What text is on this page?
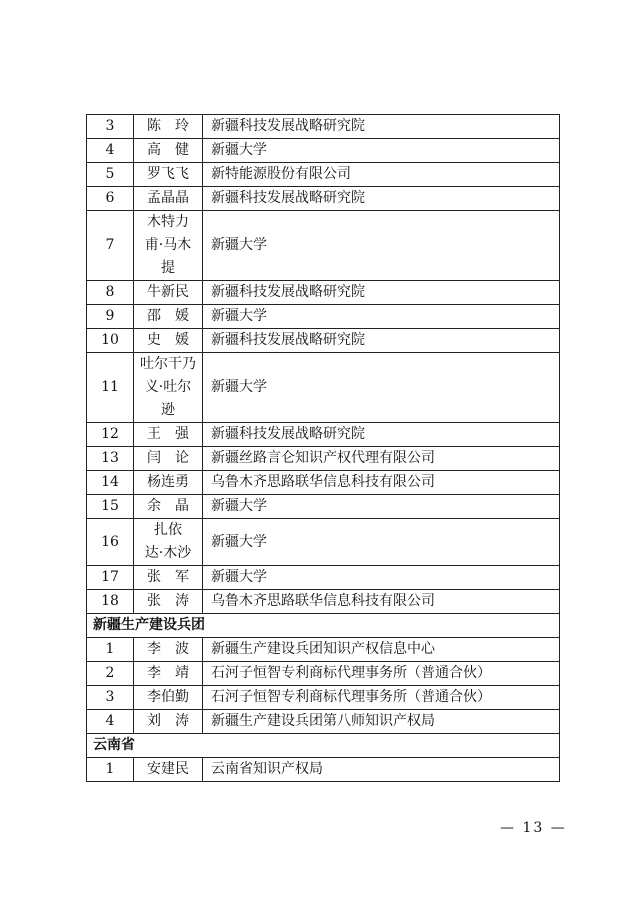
3	陈　玲	新疆科技发展战略研究院
4	高　健	新疆大学
5	罗飞飞	新特能源股份有限公司
6	孟晶晶	新疆科技发展战略研究院
7	木特力
甫·马木
提	新疆大学
8	牛新民	新疆科技发展战略研究院
9	邵　媛	新疆大学
10	史　媛	新疆科技发展战略研究院
11	吐尔干乃
义·吐尔
逊	新疆大学
12	王　强	新疆科技发展战略研究院
13	闫　论	新疆丝路言仑知识产权代理有限公司
14	杨连勇	乌鲁木齐思路联华信息科技有限公司
15	余　晶	新疆大学
16	扎依
达·木沙	新疆大学
17	张　军	新疆大学
18	张　涛	乌鲁木齐思路联华信息科技有限公司
新疆生产建设兵团		
1	李　波	新疆生产建设兵团知识产权信息中心
2	李　靖	石河子恒智专利商标代理事务所（普通合伙）
3	李伯勤	石河子恒智专利商标代理事务所（普通合伙）
4	刘　涛	新疆生产建设兵团第八师知识产权局
云南省		
1	安建民	云南省知识产权局
— 13 —
